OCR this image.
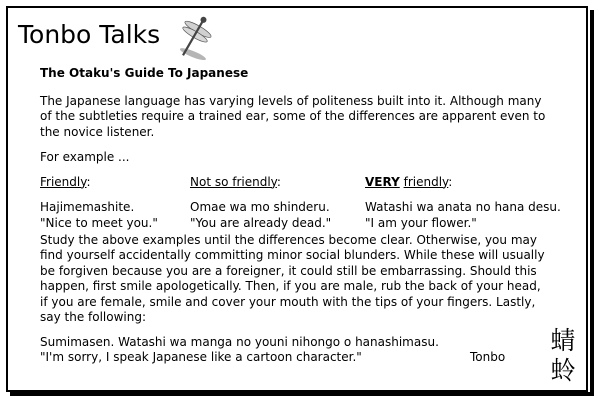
Tonbo Talks

The Otaku's Guide To Japanese

The Japanese language has varying levels of politeness built into it. Although many of the subtleties require a trained ear, some of the differences are apparent even to the novice listener.

For example ...

Friendly:
Hajimemashite.
"Nice to meet you."
Not so friendly:
Omae wa mo shinderu.
"You are already dead."
VERY friendly:
Watashi wa anata no hana desu.
"I am your flower."

Study the above examples until the differences become clear. Otherwise, you may find yourself accidentally committing minor social blunders. While these will usually be forgiven because you are a foreigner, it could still be embarrassing. Should this happen, first smile apologetically. Then, if you are male, rub the back of your head, if you are female, smile and cover your mouth with the tips of your fingers. Lastly, say the following:

Sumimasen. Watashi wa manga no youni nihongo o hanashimasu.
"I'm sorry, I speak Japanese like a cartoon character."	Tonbo
蜻
蛉
